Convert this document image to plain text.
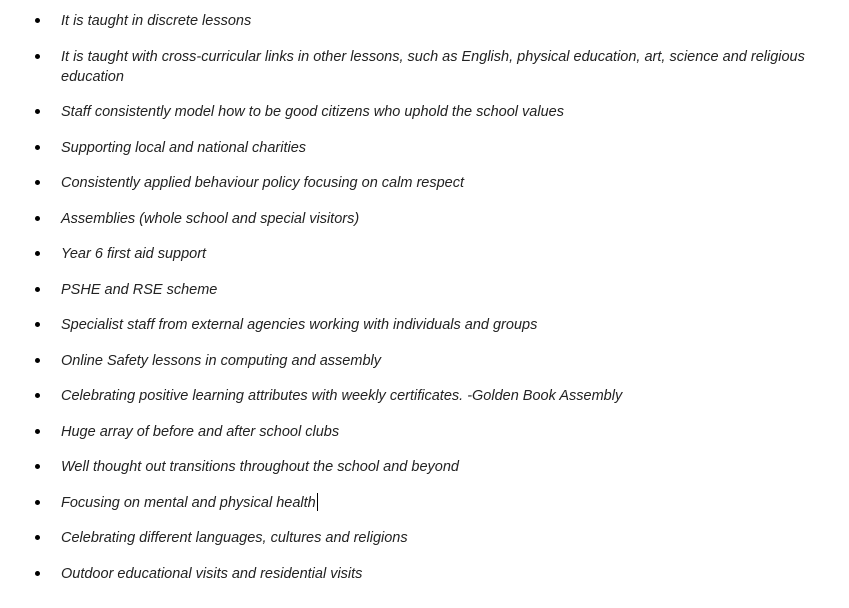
It is taught in discrete lessons
It is taught with cross-curricular links in other lessons, such as English, physical education, art, science and religious education
Staff consistently model how to be good citizens who uphold the school values
Supporting local and national charities
Consistently applied behaviour policy focusing on calm respect
Assemblies (whole school and special visitors)
Year 6 first aid support
PSHE and RSE scheme
Specialist staff from external agencies working with individuals and groups
Online Safety lessons in computing and assembly
Celebrating positive learning attributes with weekly certificates. -Golden Book Assembly
Huge array of before and after school clubs
Well thought out transitions throughout the school and beyond
Focusing on mental and physical health
Celebrating different languages, cultures and religions
Outdoor educational visits and residential visits
